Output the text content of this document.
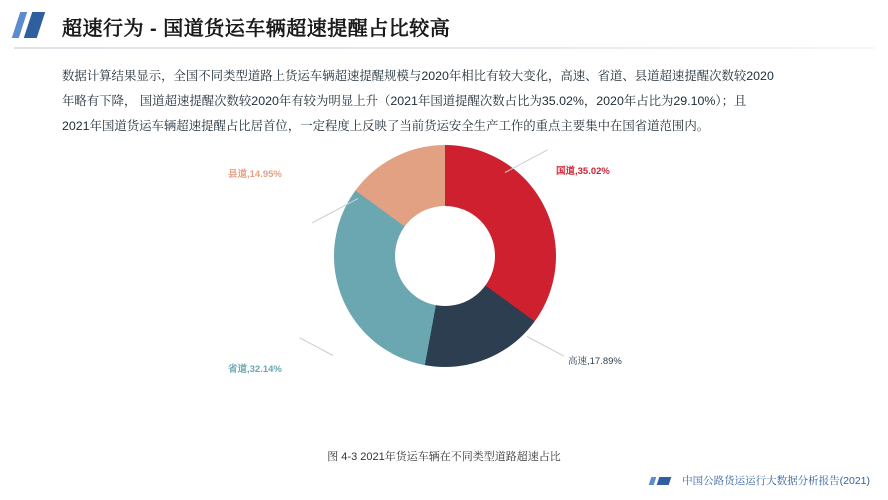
超速行为 - 国道货运车辆超速提醒占比较高

数据计算结果显示，全国不同类型道路上货运车辆超速提醒规模与2020年相比有较大变化，高速、省道、县道超速提醒次数较2020

年略有下降， 国道超速提醒次数较2020年有较为明显上升（2021年国道提醒次数占比为35.02%，2020年占比为29.10%）；且

2021年国道货运车辆超速提醒占比居首位，一定程度上反映了当前货运安全生产工作的重点主要集中在国省道范围内。

国道,35.02%
高速,17.89%
省道,32.14%
县道,14.95%
图 4-3 2021年货运车辆在不同类型道路超速占比
中国公路货运运行大数据分析报告(2021)
